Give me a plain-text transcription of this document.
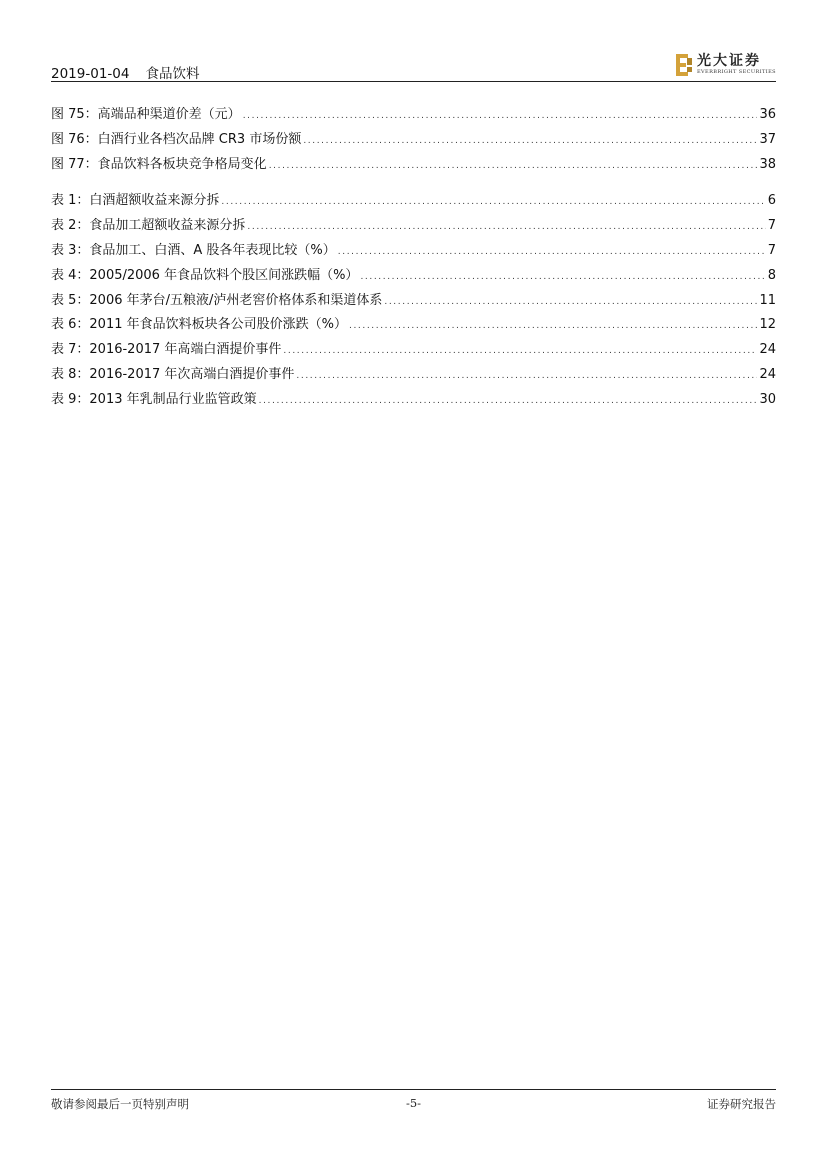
2019-01-04 食品饮料
光大证券
EVERBRIGHT SECURITIES
图 75：高端品种渠道价差（元） .....	36
图 76：白酒行业各档次品牌 CR3 市场份额 .....	37
图 77：食品饮料各板块竞争格局变化 .....	38
表 1：白酒超额收益来源分拆 .....	6
表 2：食品加工超额收益来源分拆 .....	7
表 3：食品加工、白酒、A 股各年表现比较（%） .....	7
表 4：2005/2006 年食品饮料个股区间涨跌幅（%） .....	8
表 5：2006 年茅台/五粮液/泸州老窖价格体系和渠道体系 .....	11
表 6：2011 年食品饮料板块各公司股价涨跌（%） .....	12
表 7：2016-2017 年高端白酒提价事件 .....	24
表 8：2016-2017 年次高端白酒提价事件 .....	24
表 9：2013 年乳制品行业监管政策 .....	30
敬请参阅最后一页特别声明	-5-	证券研究报告
